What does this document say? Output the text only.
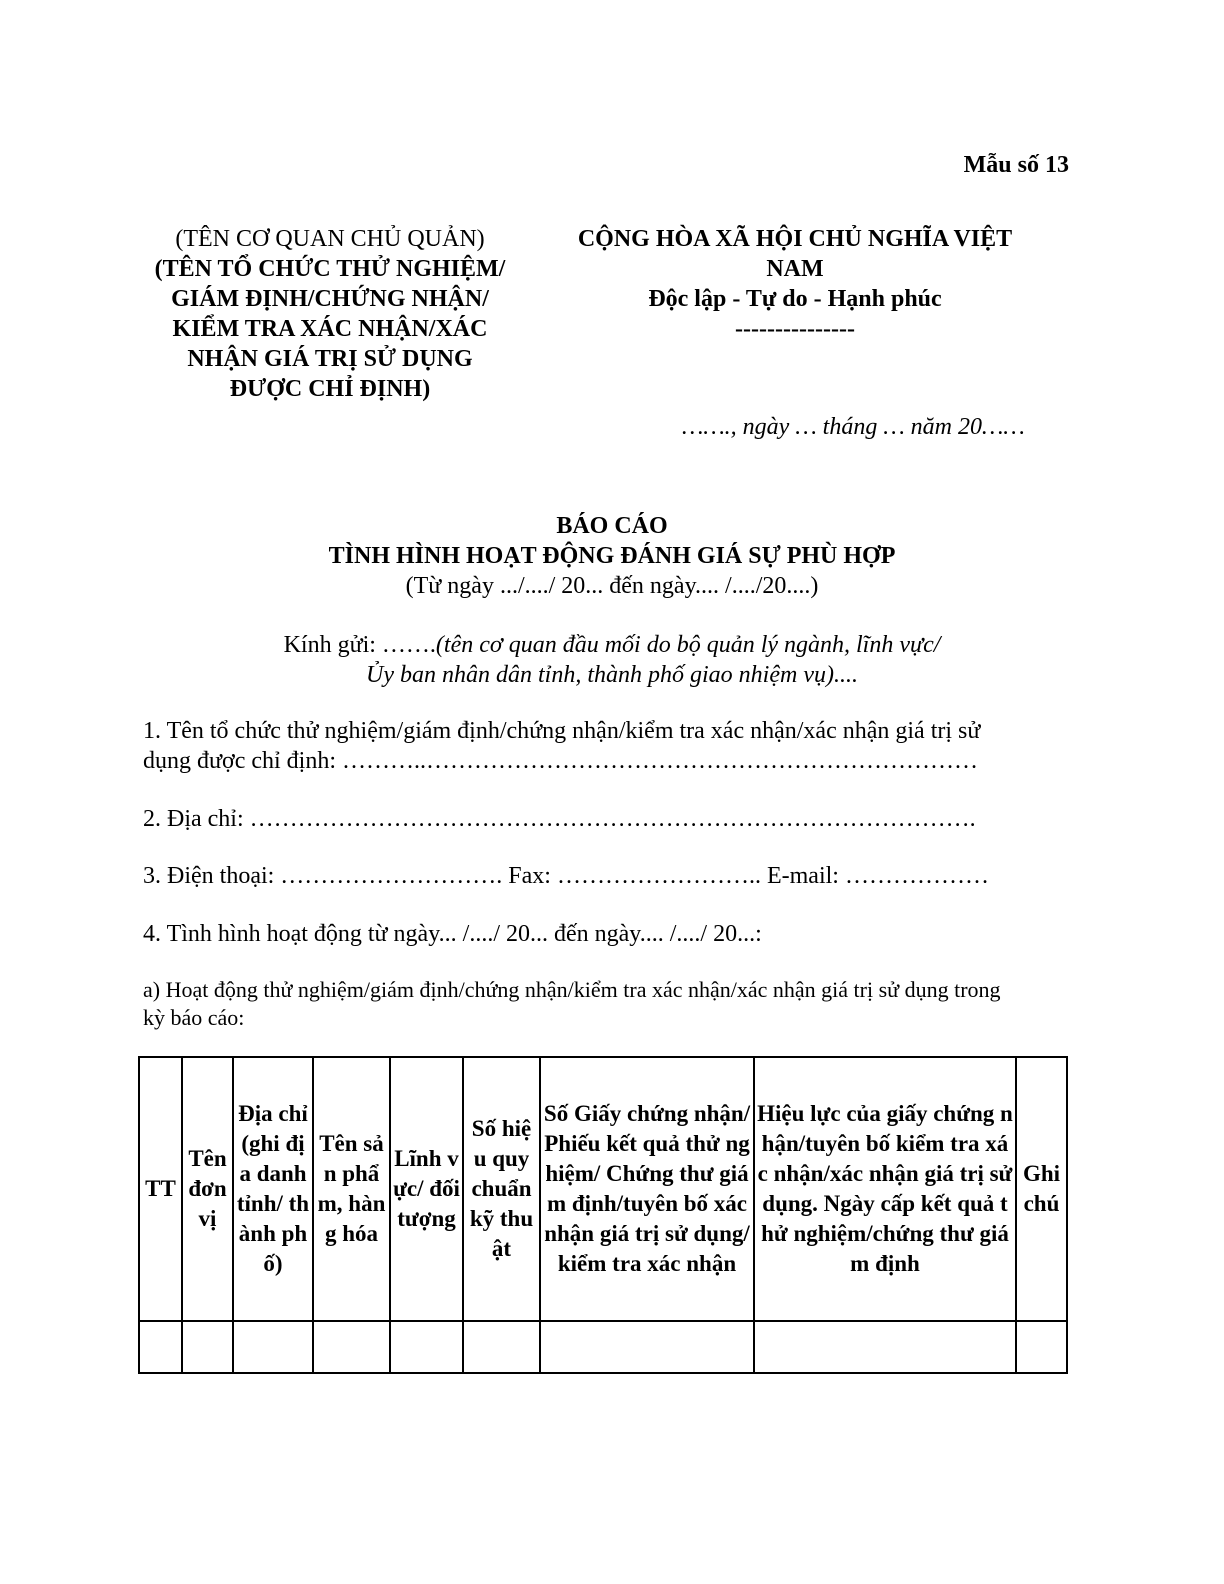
Mẫu số 13
(TÊN CƠ QUAN CHỦ QUẢN)
(TÊN TỔ CHỨC THỬ NGHIỆM/
GIÁM ĐỊNH/CHỨNG NHẬN/
KIỂM TRA XÁC NHẬN/XÁC
NHẬN GIÁ TRỊ SỬ DỤNG
ĐƯỢC CHỈ ĐỊNH)
CỘNG HÒA XÃ HỘI CHỦ NGHĨA VIỆT
NAM
Độc lập - Tự do - Hạnh phúc
---------------
……., ngày … tháng … năm 20……
BÁO CÁO
TÌNH HÌNH HOẠT ĐỘNG ĐÁNH GIÁ SỰ PHÙ HỢP
(Từ ngày .../..../ 20... đến ngày.... /..../20....)
Kính gửi: …….(tên cơ quan đầu mối do bộ quản lý ngành, lĩnh vực/
Ủy ban nhân dân tỉnh, thành phố giao nhiệm vụ)....
1. Tên tổ chức thử nghiệm/giám định/chứng nhận/kiểm tra xác nhận/xác nhận giá trị sử
dụng được chỉ định: ………..……………………………………………………………
2. Địa chỉ: ……………………………………………………………………………….
3. Điện thoại: ………………………. Fax: …………………….. E-mail: ………………
4. Tình hình hoạt động từ ngày... /..../ 20... đến ngày.... /..../ 20...:
a) Hoạt động thử nghiệm/giám định/chứng nhận/kiểm tra xác nhận/xác nhận giá trị sử dụng trong
kỳ báo cáo:
TT	Tên đơn vị	Địa chỉ (ghi địa danh tỉnh/ thành phố)	Tên sản phẩm, hàng hóa	Lĩnh vực/ đối tượng	Số hiệu quy chuẩn kỹ thuật	Số Giấy chứng nhận/Phiếu kết quả thử nghiệm/ Chứng thư giám định/tuyên bố xác nhận giá trị sử dụng/kiểm tra xác nhận	Hiệu lực của giấy chứng nhận/tuyên bố kiểm tra xác nhận/xác nhận giá trị sử dụng. Ngày cấp kết quả thử nghiệm/chứng thư giám định	Ghi chú
